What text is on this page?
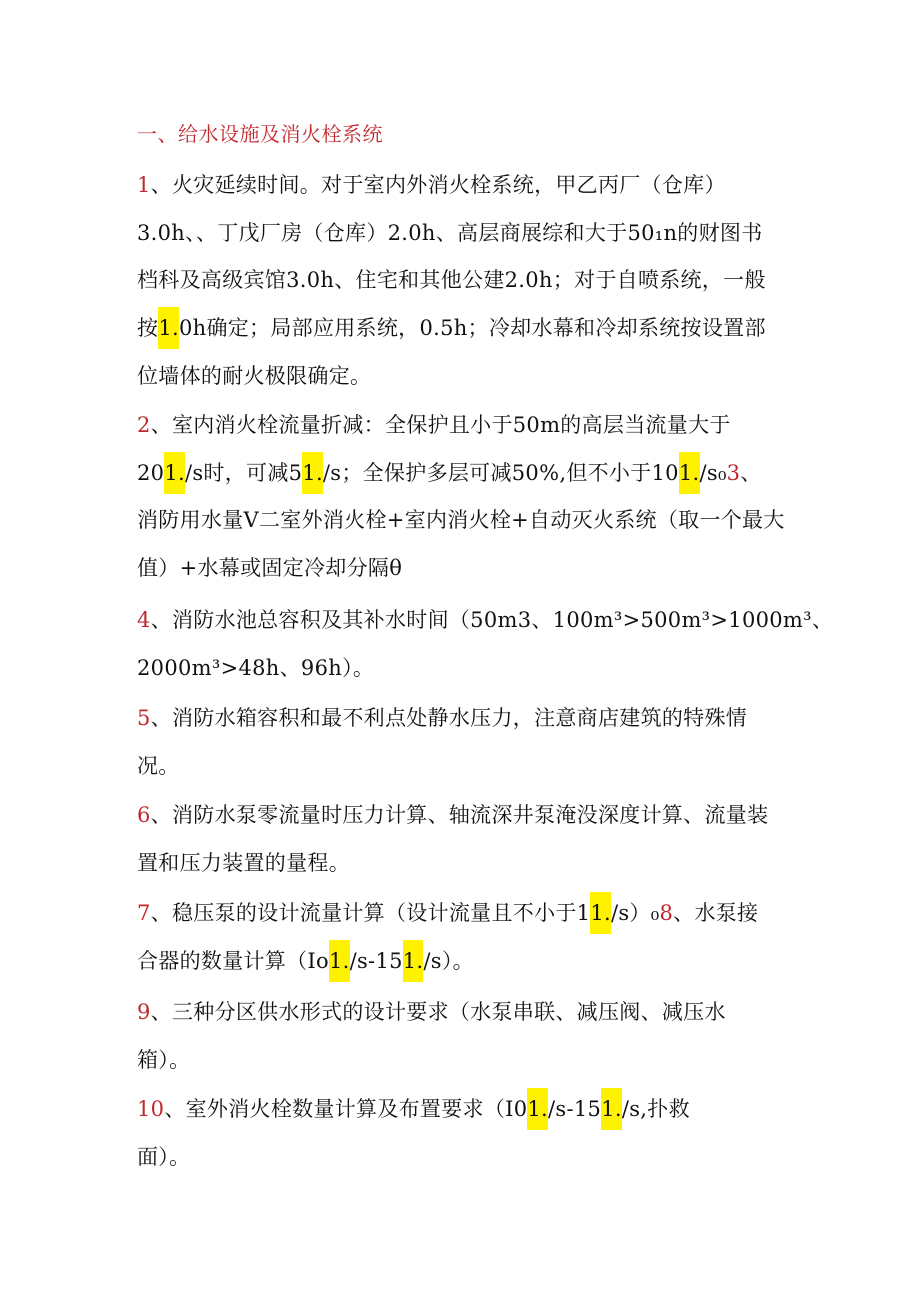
一、给水设施及消火栓系统
1、火灾延续时间。对于室内外消火栓系统，甲乙丙厂（仓库）
3.0h、、丁戊厂房（仓库）2.0h、高层商展综和大于50₁n的财图书
档科及高级宾馆3.0h、住宅和其他公建2.0h；对于自喷系统，一般
按1.0h确定；局部应用系统，0.5h；冷却水幕和冷却系统按设置部
位墙体的耐火极限确定。
2、室内消火栓流量折减：全保护且小于50m的高层当流量大于
201./s时，可减51./s；全保护多层可减50%,但不小于101./s₀3、
消防用水量V二室外消火栓+室内消火栓+自动灭火系统（取一个最大
值）+水幕或固定冷却分隔θ
4、消防水池总容积及其补水时间（50m3、100m³>500m³>1000m³、
2000m³>48h、96h）。
5、消防水箱容积和最不利点处静水压力，注意商店建筑的特殊情
况。
6、消防水泵零流量时压力计算、轴流深井泵淹没深度计算、流量装
置和压力装置的量程。
7、稳压泵的设计流量计算（设计流量且不小于11./s）₀8、水泵接
合器的数量计算（Io1./s-151./s）。
9、三种分区供水形式的设计要求（水泵串联、减压阀、减压水
箱）。
10、室外消火栓数量计算及布置要求（I01./s-151./s,扑救
面）。
